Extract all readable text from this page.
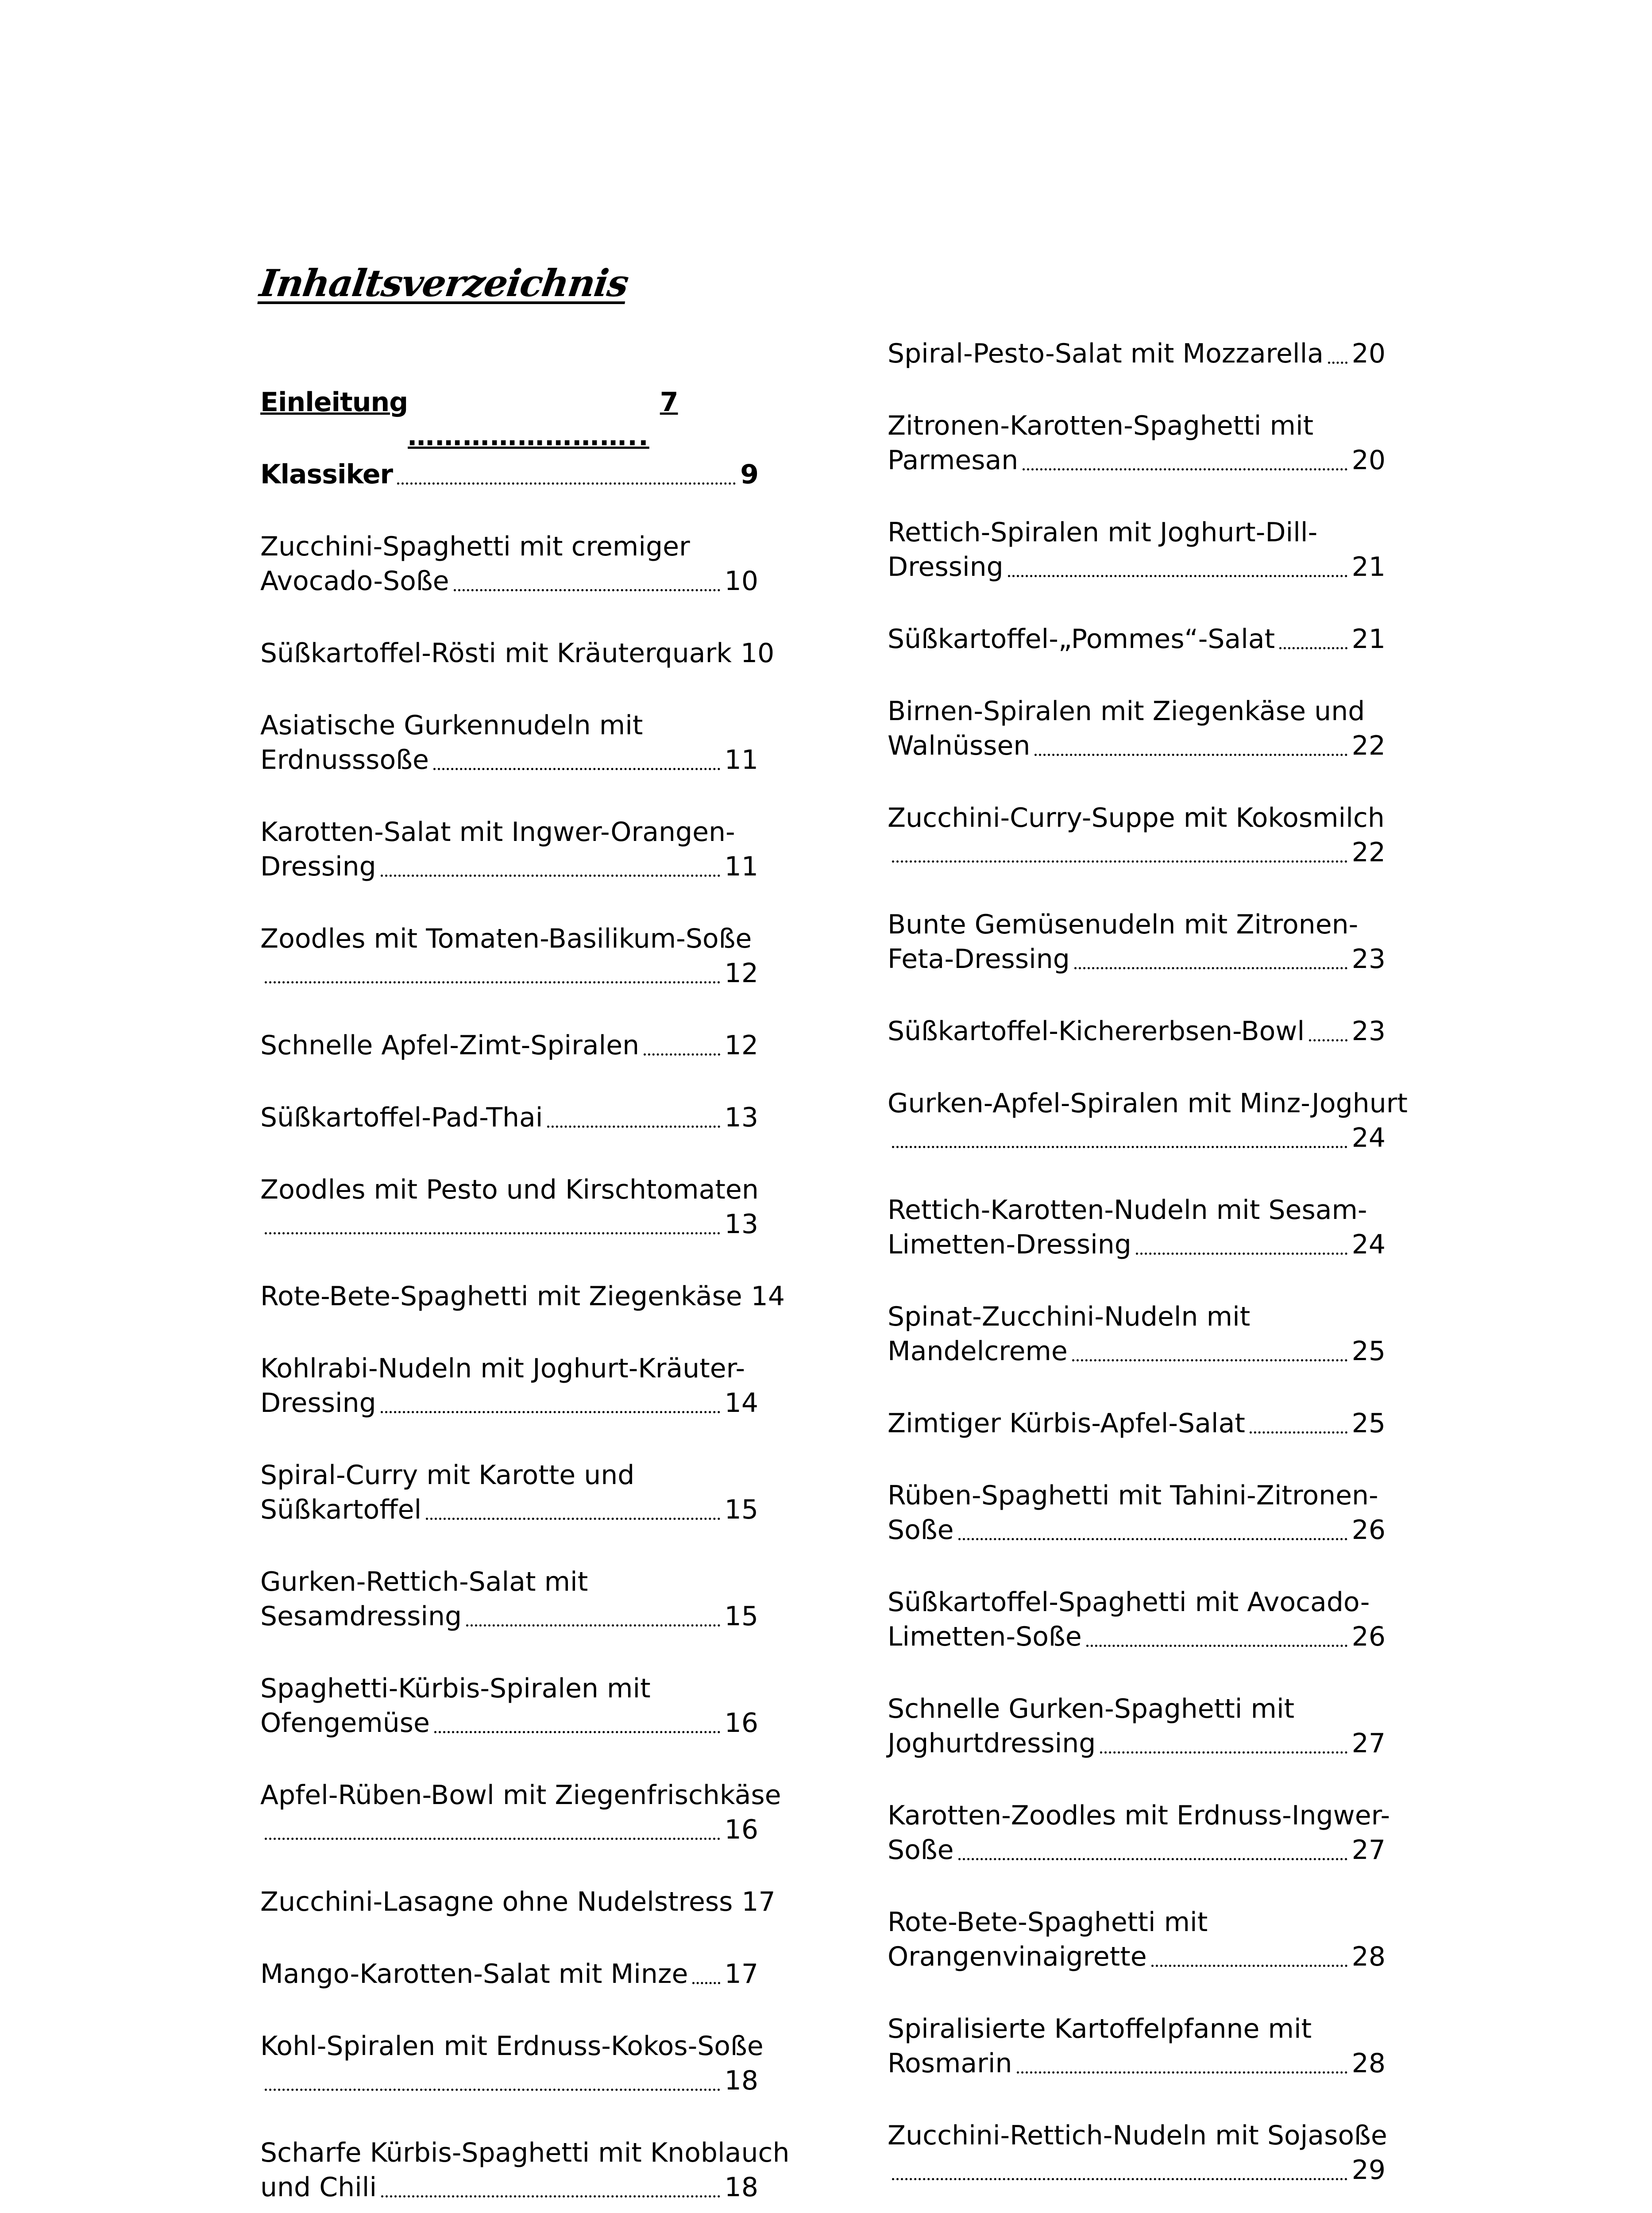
Inhaltsverzeichnis
Einleitung
……………………..
7
Klassiker	9
Zucchini-Spaghetti mit cremiger
Avocado-Soße	10
Süßkartoffel-Rösti mit Kräuterquark 10
Asiatische Gurkennudeln mit
Erdnusssoße	11
Karotten-Salat mit Ingwer-Orangen-
Dressing	11
Zoodles mit Tomaten-Basilikum-Soße
12
Schnelle Apfel-Zimt-Spiralen	12
Süßkartoffel-Pad-Thai	13
Zoodles mit Pesto und Kirschtomaten
13
Rote-Bete-Spaghetti mit Ziegenkäse 14
Kohlrabi-Nudeln mit Joghurt-Kräuter-
Dressing	14
Spiral-Curry mit Karotte und
Süßkartoffel	15
Gurken-Rettich-Salat mit
Sesamdressing	15
Spaghetti-Kürbis-Spiralen mit
Ofengemüse	16
Apfel-Rüben-Bowl mit Ziegenfrischkäse
16
Zucchini-Lasagne ohne Nudelstress 17
Mango-Karotten-Salat mit Minze 17
Kohl-Spiralen mit Erdnuss-Kokos-Soße
18
Scharfe Kürbis-Spaghetti mit Knoblauch
und Chili	18
Spiral-Pesto-Salat mit Mozzarella 20
Zitronen-Karotten-Spaghetti mit
Parmesan	20
Rettich-Spiralen mit Joghurt-Dill-
Dressing	21
Süßkartoffel-„Pommes“-Salat	21
Birnen-Spiralen mit Ziegenkäse und
Walnüssen	22
Zucchini-Curry-Suppe mit Kokosmilch
22
Bunte Gemüsenudeln mit Zitronen-
Feta-Dressing	23
Süßkartoffel-Kichererbsen-Bowl 23
Gurken-Apfel-Spiralen mit Minz-Joghurt
24
Rettich-Karotten-Nudeln mit Sesam-
Limetten-Dressing	24
Spinat-Zucchini-Nudeln mit
Mandelcreme	25
Zimtiger Kürbis-Apfel-Salat	25
Rüben-Spaghetti mit Tahini-Zitronen-
Soße	26
Süßkartoffel-Spaghetti mit Avocado-
Limetten-Soße	26
Schnelle Gurken-Spaghetti mit
Joghurtdressing	27
Karotten-Zoodles mit Erdnuss-Ingwer-
Soße	27
Rote-Bete-Spaghetti mit
Orangenvinaigrette	28
Spiralisierte Kartoffelpfanne mit
Rosmarin	28
Zucchini-Rettich-Nudeln mit Sojasoße
29
